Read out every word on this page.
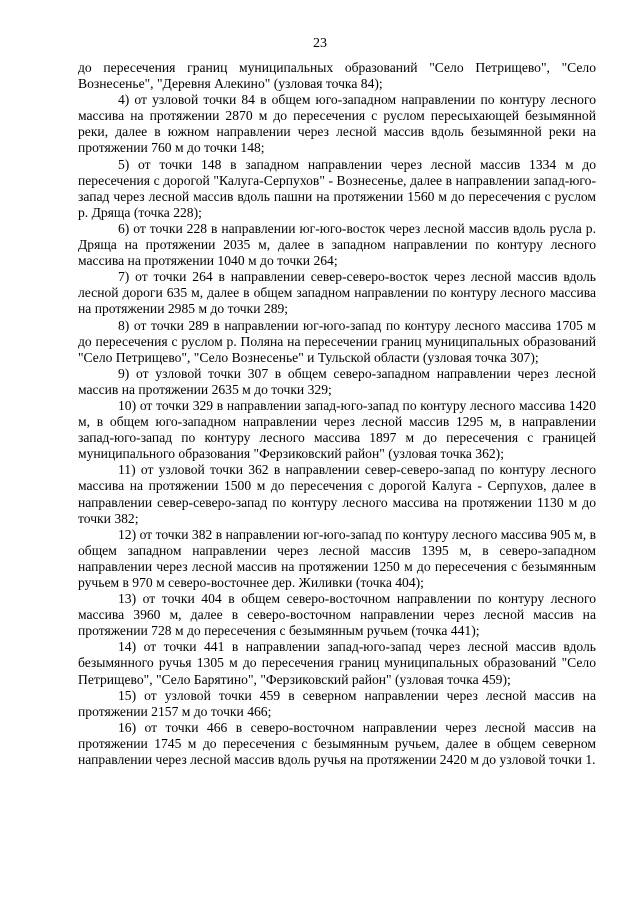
23

до пересечения границ муниципальных образований "Село Петрищево", "Село Вознесенье", "Деревня Алекино" (узловая точка 84);

4) от узловой точки 84 в общем юго-западном направлении по контуру лесного массива на протяжении 2870 м до пересечения с руслом пересыхающей безымянной реки, далее в южном направлении через лесной массив вдоль безымянной реки на протяжении 760 м до точки 148;

5) от точки 148 в западном направлении через лесной массив 1334 м до пересечения с дорогой "Калуга-Серпухов" - Вознесенье, далее в направлении запад-юго-запад через лесной массив вдоль пашни на протяжении 1560 м до пересечения с руслом р. Дряща (точка 228);

6) от точки 228 в направлении юг-юго-восток через лесной массив вдоль русла р. Дряща на протяжении 2035 м, далее в западном направлении по контуру лесного массива на протяжении 1040 м до точки 264;

7) от точки 264 в направлении север-северо-восток через лесной массив вдоль лесной дороги 635 м, далее в общем западном направлении по контуру лесного массива на протяжении 2985 м до точки 289;

8) от точки 289 в направлении юг-юго-запад по контуру лесного массива 1705 м до пересечения с руслом р. Поляна на пересечении границ муниципальных образований "Село Петрищево", "Село Вознесенье" и Тульской области (узловая точка 307);

9) от узловой точки 307 в общем северо-западном направлении через лесной массив на протяжении 2635 м до точки 329;

10) от точки 329 в направлении запад-юго-запад по контуру лесного массива 1420 м, в общем юго-западном направлении через лесной массив 1295 м, в направлении запад-юго-запад по контуру лесного массива 1897 м до пересечения с границей муниципального образования "Ферзиковский район" (узловая точка 362);

11) от узловой точки 362 в направлении север-северо-запад по контуру лесного массива на протяжении 1500 м до пересечения с дорогой Калуга - Серпухов, далее в направлении север-северо-запад по контуру лесного массива на протяжении 1130 м до точки 382;

12) от точки 382 в направлении юг-юго-запад по контуру лесного массива 905 м, в общем западном направлении через лесной массив 1395 м, в северо-западном направлении через лесной массив на протяжении 1250 м до пересечения с безымянным ручьем в 970 м северо-восточнее дер. Жиливки (точка 404);

13) от точки 404 в общем северо-восточном направлении по контуру лесного массива 3960 м, далее в северо-восточном направлении через лесной массив на протяжении 728 м до пересечения с безымянным ручьем (точка 441);

14) от точки 441 в направлении запад-юго-запад через лесной массив вдоль безымянного ручья 1305 м до пересечения границ муниципальных образований "Село Петрищево", "Село Барятино", "Ферзиковский район" (узловая точка 459);

15) от узловой точки 459 в северном направлении через лесной массив на протяжении 2157 м до точки 466;

16) от точки 466 в северо-восточном направлении через лесной массив на протяжении 1745 м до пересечения с безымянным ручьем, далее в общем северном направлении через лесной массив вдоль ручья на протяжении 2420 м до узловой точки 1.
